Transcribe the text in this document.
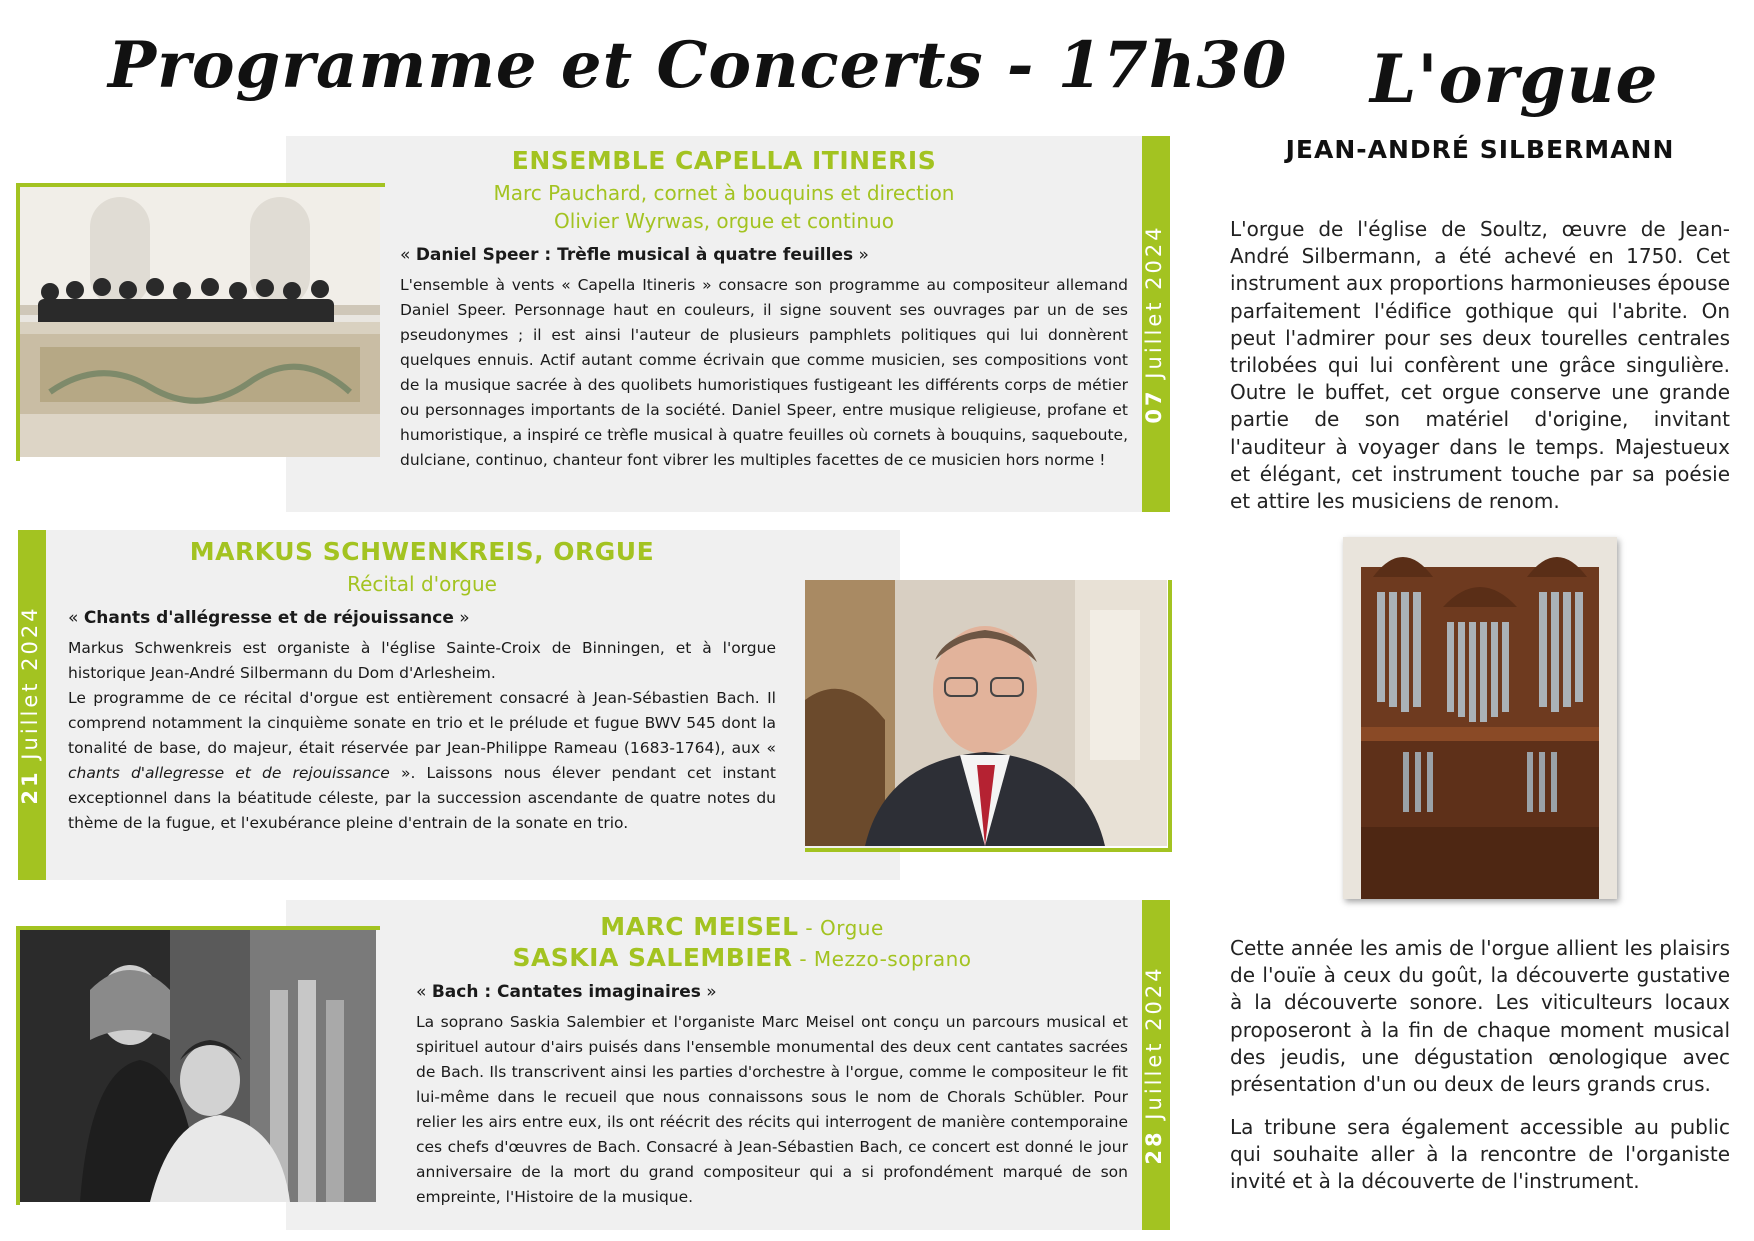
Programme et Concerts - 17h30
07 Juillet 2024
ENSEMBLE CAPELLA ITINERIS
Marc Pauchard, cornet à bouquins et direction
Olivier Wyrwas, orgue et continuo
« Daniel Speer : Trèfle musical à quatre feuilles »
L'ensemble à vents « Capella Itineris » consacre son programme au compositeur allemand Daniel Speer. Personnage haut en couleurs, il signe souvent ses ouvrages par un de ses pseudonymes ; il est ainsi l'auteur de plusieurs pamphlets politiques qui lui donnèrent quelques ennuis. Actif autant comme écrivain que comme musicien, ses compositions vont de la musique sacrée à des quolibets humoristiques fustigeant les différents corps de métier ou personnages importants de la société. Daniel Speer, entre musique religieuse, profane et humoristique, a inspiré ce trèfle musical à quatre feuilles où cornets à bouquins, saqueboute, dulciane, continuo, chanteur font vibrer les multiples facettes de ce musicien hors norme !
21 Juillet 2024
MARKUS SCHWENKREIS, ORGUE
Récital d'orgue
« Chants d'allégresse et de réjouissance »
Markus Schwenkreis est organiste à l'église Sainte-Croix de Binningen, et à l'orgue historique Jean-André Silbermann du Dom d'Arlesheim.
Le programme de ce récital d'orgue est entièrement consacré à Jean-Sébastien Bach. Il comprend notamment la cinquième sonate en trio et le prélude et fugue BWV 545 dont la tonalité de base, do majeur, était réservée par Jean-Philippe Rameau (1683-1764), aux « chants d'allegresse et de rejouissance ». Laissons nous élever pendant cet instant exceptionnel dans la béatitude céleste, par la succession ascendante de quatre notes du thème de la fugue, et l'exubérance pleine d'entrain de la sonate en trio.
28 Juillet 2024
MARC MEISEL - Orgue
SASKIA SALEMBIER - Mezzo-soprano
« Bach : Cantates imaginaires »
La soprano Saskia Salembier et l'organiste Marc Meisel ont conçu un parcours musical et spirituel autour d'airs puisés dans l'ensemble monumental des deux cent cantates sacrées de Bach. Ils transcrivent ainsi les parties d'orchestre à l'orgue, comme le compositeur le fit lui-même dans le recueil que nous connaissons sous le nom de Chorals Schübler. Pour relier les airs entre eux, ils ont réécrit des récits qui interrogent de manière contemporaine ces chefs d'œuvres de Bach. Consacré à Jean-Sébastien Bach, ce concert est donné le jour anniversaire de la mort du grand compositeur qui a si profondément marqué de son empreinte, l'Histoire de la musique.
L'orgue
JEAN-ANDRÉ SILBERMANN
L'orgue de l'église de Soultz, œuvre de Jean-André Silbermann, a été achevé en 1750. Cet instrument aux proportions harmonieuses épouse parfaitement l'édifice gothique qui l'abrite. On peut l'admirer pour ses deux tourelles centrales trilobées qui lui confèrent une grâce singulière. Outre le buffet, cet orgue conserve une grande partie de son matériel d'origine, invitant l'auditeur à voyager dans le temps. Majestueux et élégant, cet instrument touche par sa poésie et attire les musiciens de renom.
Cette année les amis de l'orgue allient les plaisirs de l'ouïe à ceux du goût, la découverte gustative à la découverte sonore. Les viticulteurs locaux proposeront à la fin de chaque moment musical des jeudis, une dégustation œnologique avec présentation d'un ou deux de leurs grands crus.
La tribune sera également accessible au public qui souhaite aller à la rencontre de l'organiste invité et à la découverte de l'instrument.
